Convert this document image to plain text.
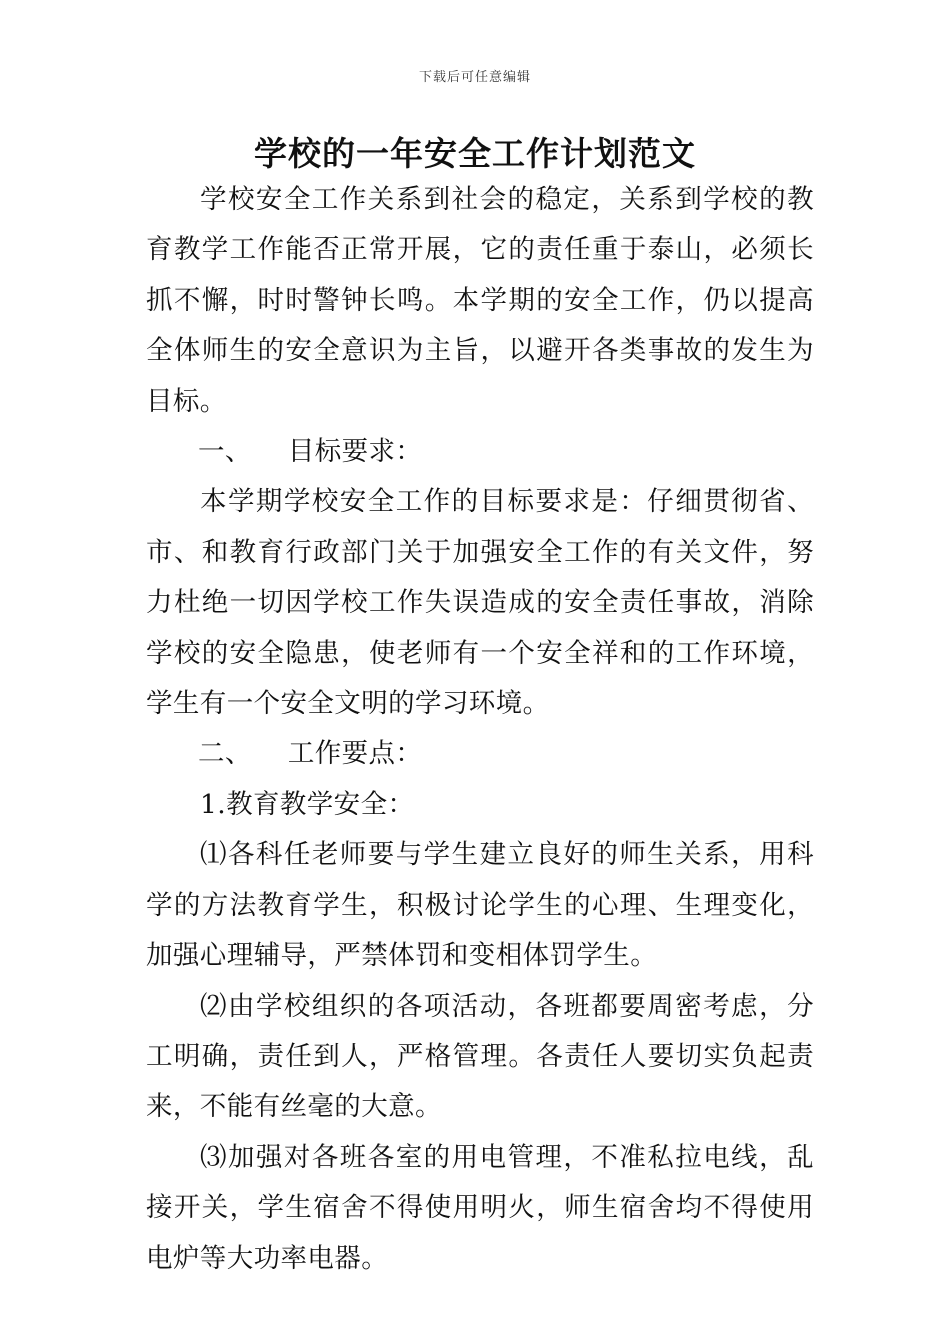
下载后可任意编辑
学校的一年安全工作计划范文

学校安全工作关系到社会的稳定，关系到学校的教育教学工作能否正常开展，它的责任重于泰山，必须长抓不懈，时时警钟长鸣。本学期的安全工作，仍以提高全体师生的安全意识为主旨，以避开各类事故的发生为目标。

一、 目标要求：

本学期学校安全工作的目标要求是：仔细贯彻省、市、和教育行政部门关于加强安全工作的有关文件，努力杜绝一切因学校工作失误造成的安全责任事故，消除学校的安全隐患，使老师有一个安全祥和的工作环境，学生有一个安全文明的学习环境。

二、 工作要点：

1.教育教学安全：

⑴各科任老师要与学生建立良好的师生关系，用科学的方法教育学生，积极讨论学生的心理、生理变化，加强心理辅导，严禁体罚和变相体罚学生。

⑵由学校组织的各项活动，各班都要周密考虑，分工明确，责任到人，严格管理。各责任人要切实负起责来，不能有丝毫的大意。

⑶加强对各班各室的用电管理，不准私拉电线，乱接开关，学生宿舍不得使用明火，师生宿舍均不得使用电炉等大功率电器。
